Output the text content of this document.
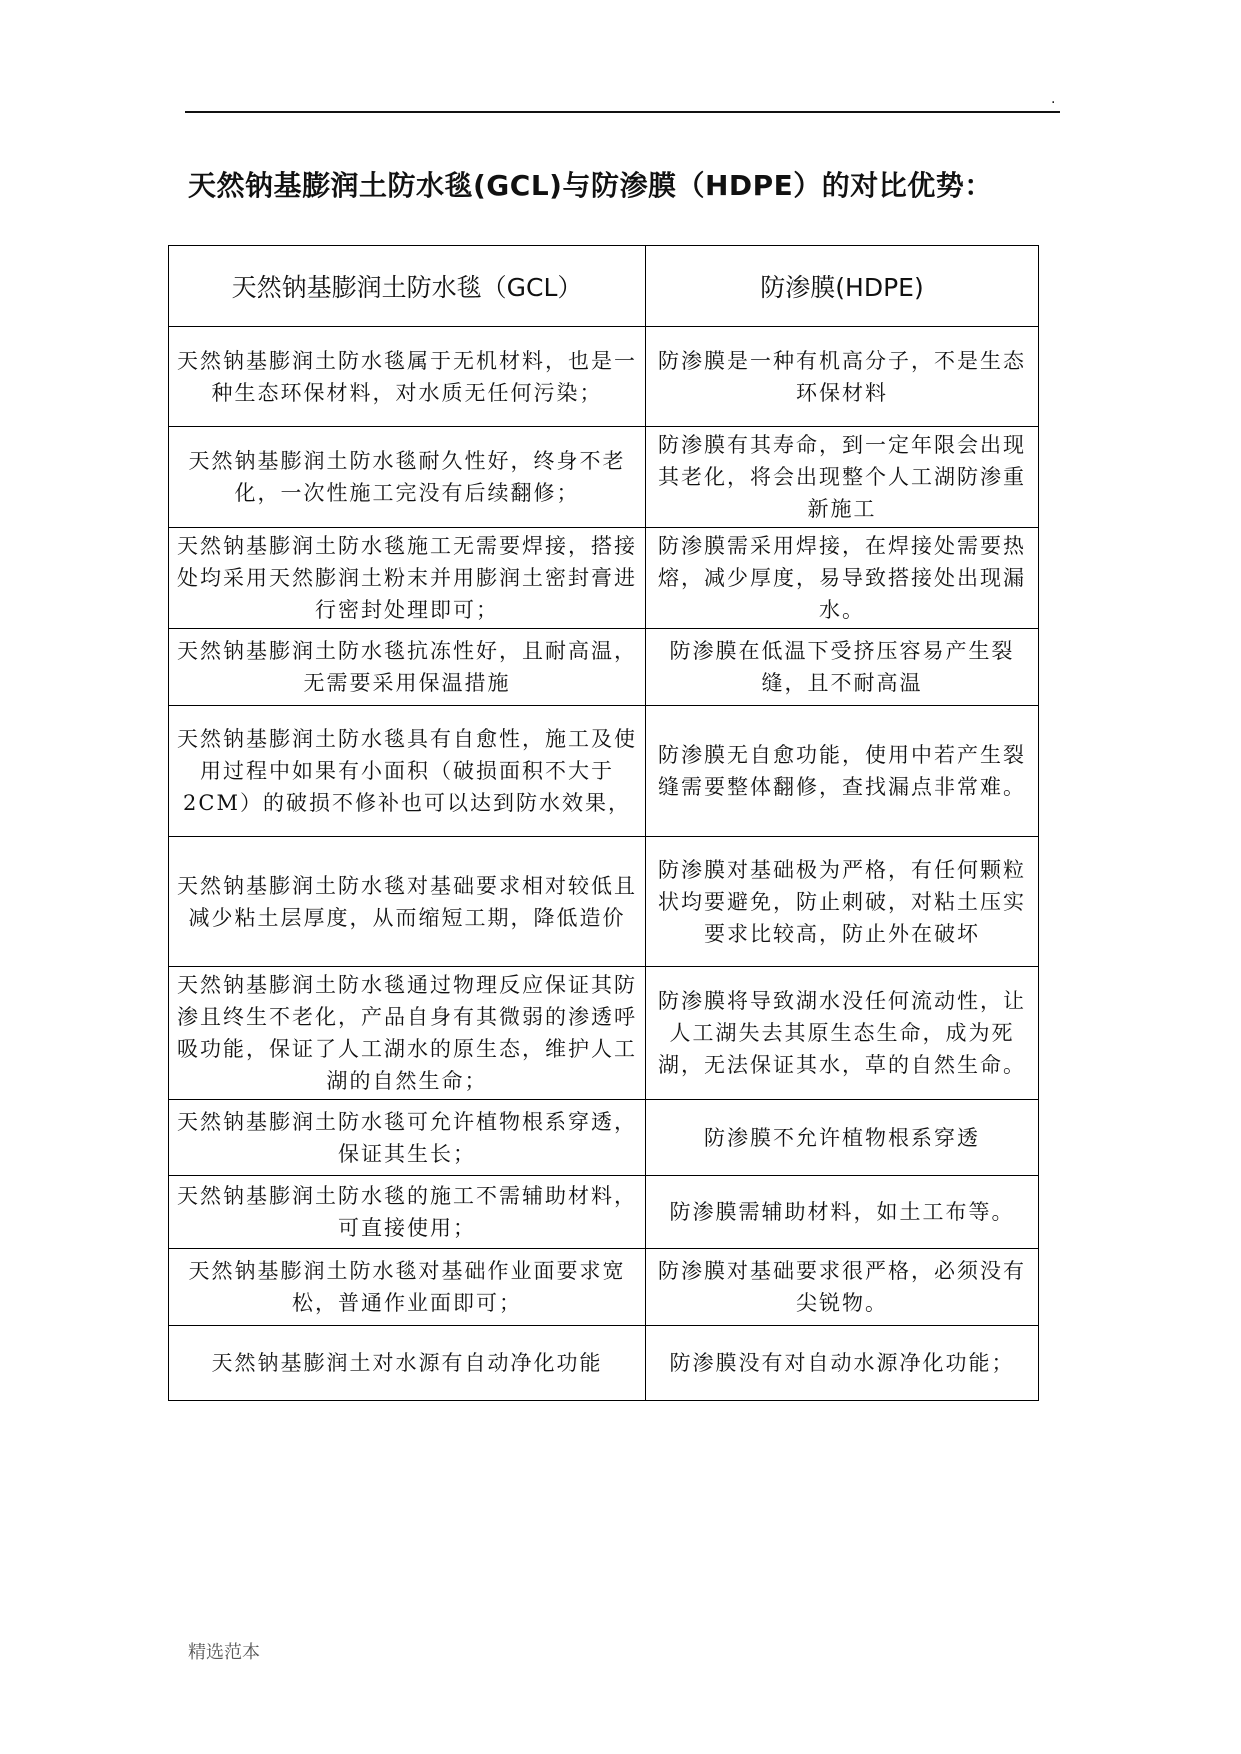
.
天然钠基膨润土防水毯(GCL)与防渗膜（HDPE）的对比优势：
天然钠基膨润土防水毯（GCL）	防渗膜(HDPE)
天然钠基膨润土防水毯属于无机材料，也是一种生态环保材料，对水质无任何污染；	防渗膜是一种有机高分子，不是生态环保材料
天然钠基膨润土防水毯耐久性好，终身不老化，一次性施工完没有后续翻修；	防渗膜有其寿命，到一定年限会出现其老化，将会出现整个人工湖防渗重新施工
天然钠基膨润土防水毯施工无需要焊接，搭接处均采用天然膨润土粉末并用膨润土密封膏进行密封处理即可；	防渗膜需采用焊接，在焊接处需要热熔，减少厚度，易导致搭接处出现漏水。
天然钠基膨润土防水毯抗冻性好，且耐高温，无需要采用保温措施	防渗膜在低温下受挤压容易产生裂缝，且不耐高温
天然钠基膨润土防水毯具有自愈性，施工及使用过程中如果有小面积（破损面积不大于2CM）的破损不修补也可以达到防水效果，	防渗膜无自愈功能，使用中若产生裂缝需要整体翻修，查找漏点非常难。
天然钠基膨润土防水毯对基础要求相对较低且减少粘土层厚度，从而缩短工期，降低造价	防渗膜对基础极为严格，有任何颗粒状均要避免，防止刺破，对粘土压实要求比较高，防止外在破坏
天然钠基膨润土防水毯通过物理反应保证其防渗且终生不老化，产品自身有其微弱的渗透呼吸功能，保证了人工湖水的原生态，维护人工湖的自然生命；	防渗膜将导致湖水没任何流动性，让人工湖失去其原生态生命，成为死湖，无法保证其水，草的自然生命。
天然钠基膨润土防水毯可允许植物根系穿透，保证其生长；	防渗膜不允许植物根系穿透
天然钠基膨润土防水毯的施工不需辅助材料，可直接使用；	防渗膜需辅助材料，如土工布等。
天然钠基膨润土防水毯对基础作业面要求宽松，普通作业面即可；	防渗膜对基础要求很严格，必须没有尖锐物。
天然钠基膨润土对水源有自动净化功能	防渗膜没有对自动水源净化功能；
精选范本
